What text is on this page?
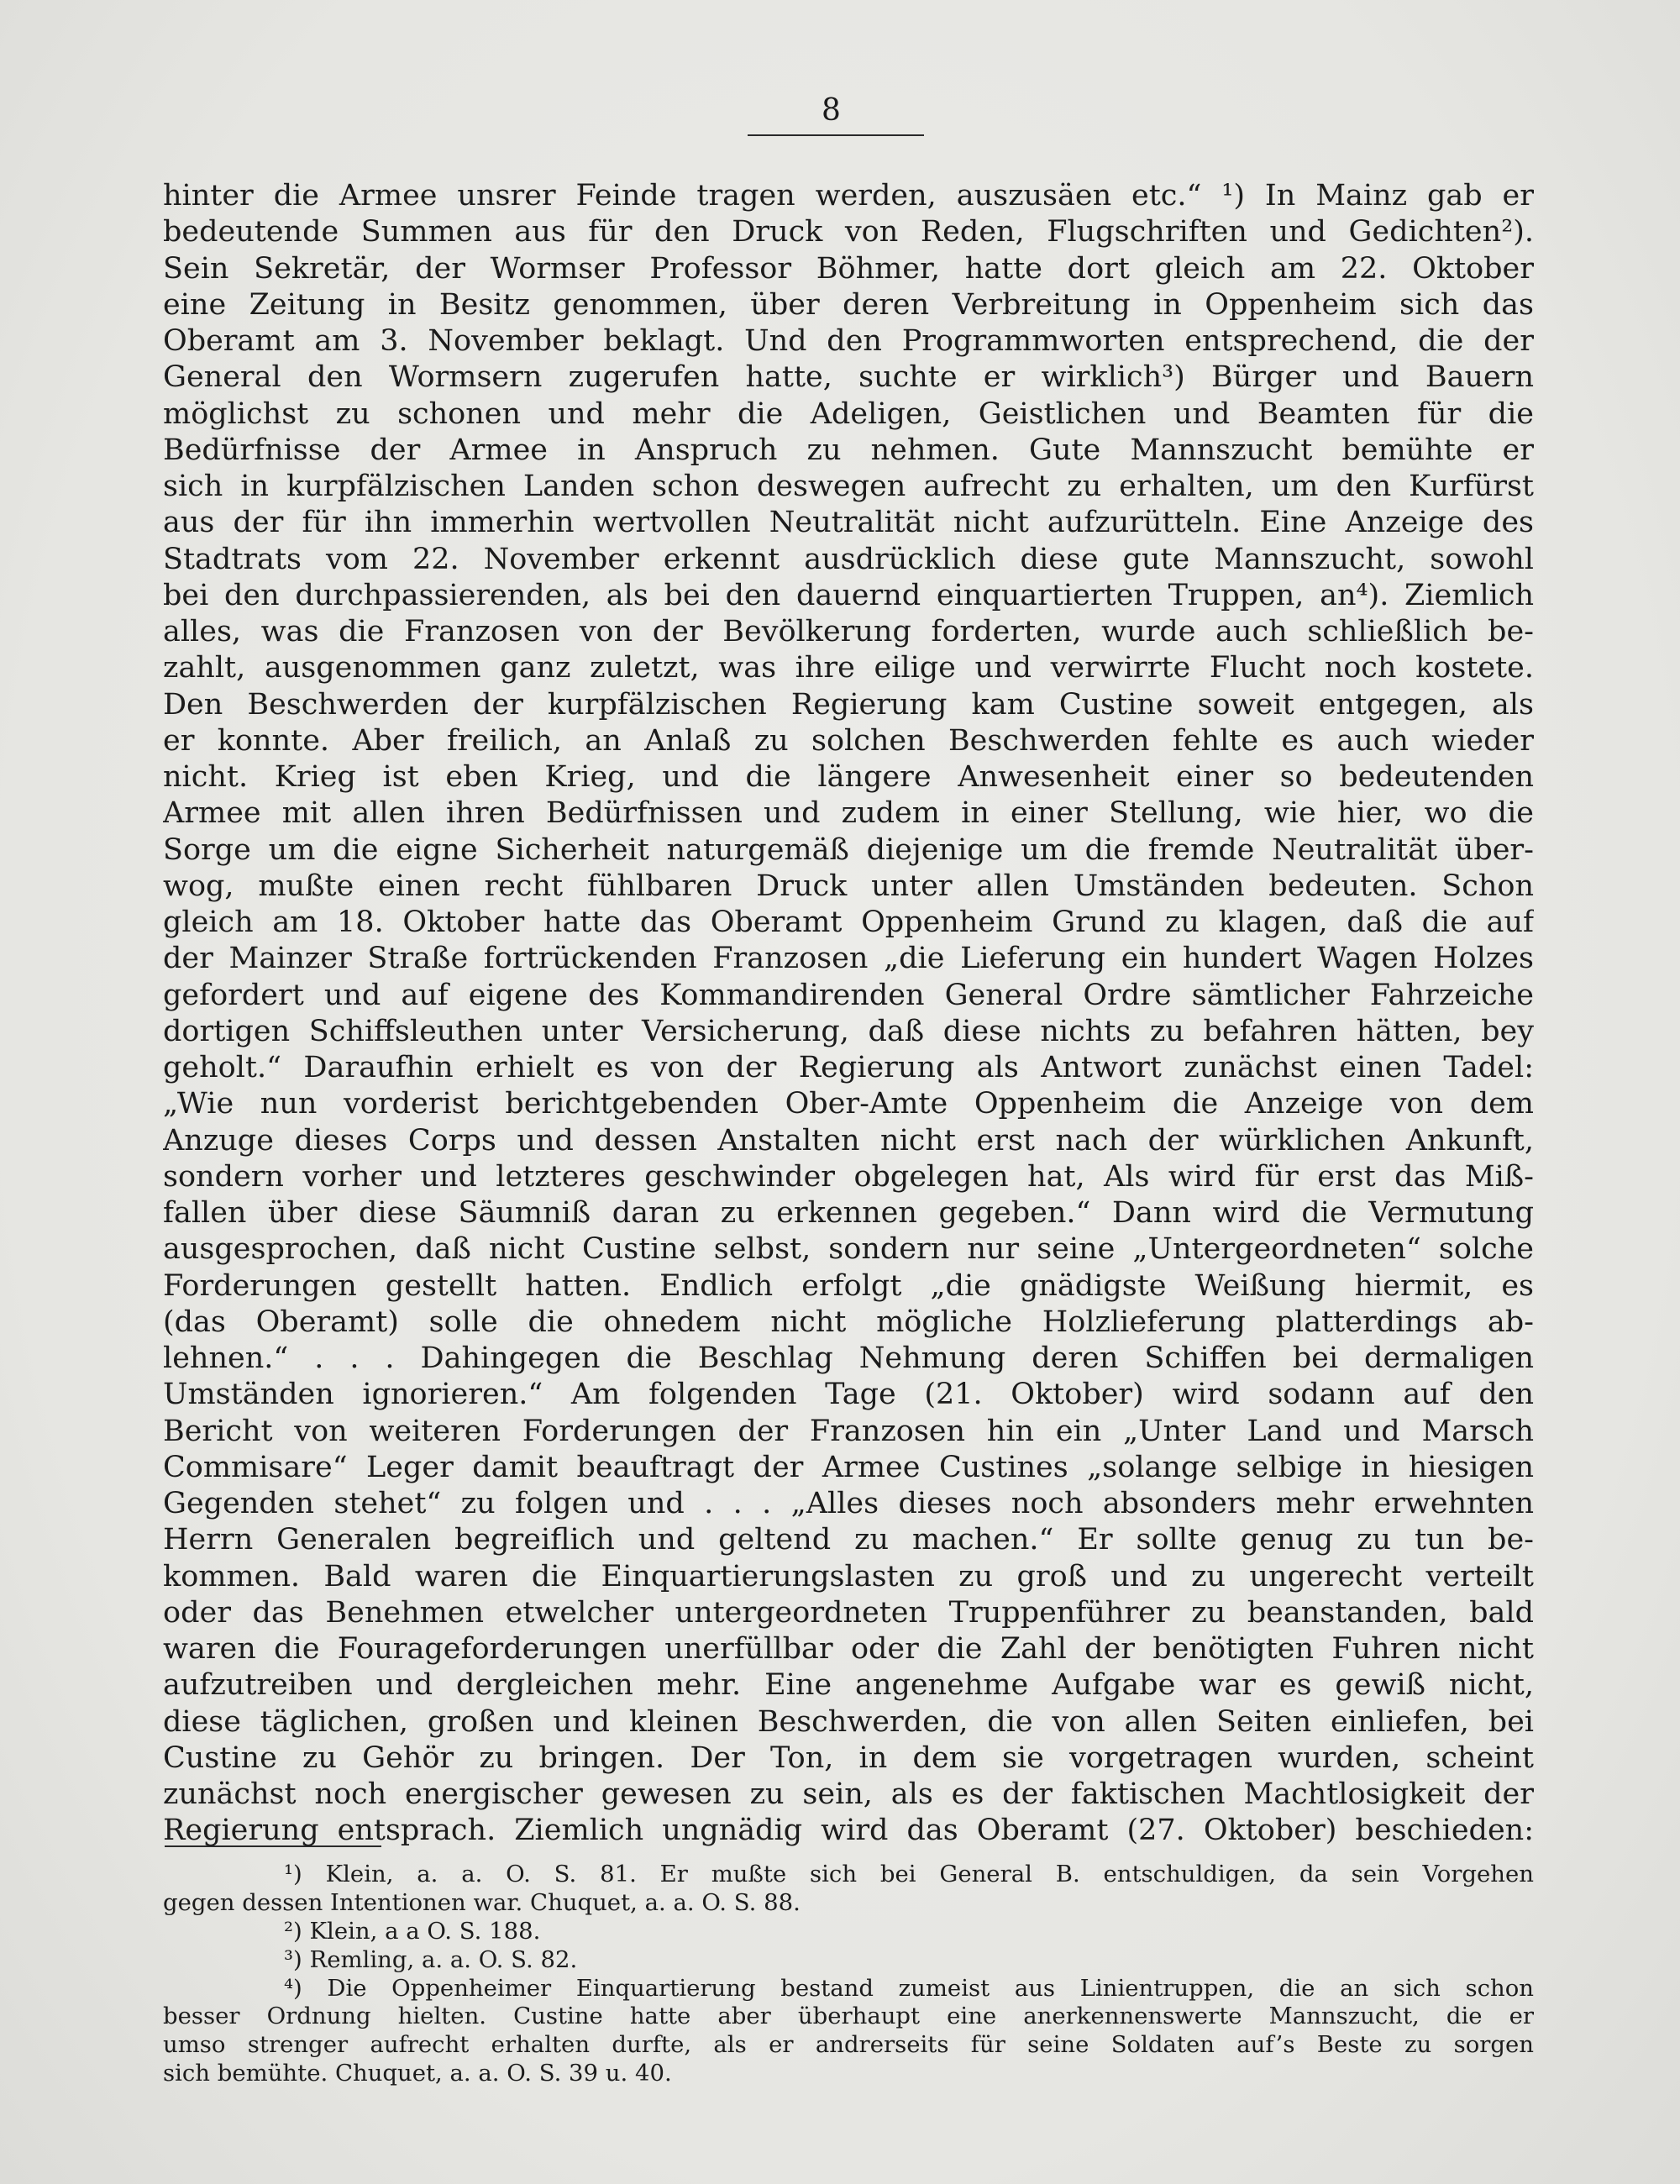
8
hinter die Armee unsrer Feinde tragen werden, auszusäen etc.“ ¹) In Mainz gab er
bedeutende Summen aus für den Druck von Reden, Flugschriften und Gedichten²).
Sein Sekretär, der Wormser Professor Böhmer, hatte dort gleich am 22. Oktober
eine Zeitung in Besitz genommen, über deren Verbreitung in Oppenheim sich das
Oberamt am 3. November beklagt. Und den Programmworten entsprechend, die der
General den Wormsern zugerufen hatte, suchte er wirklich³) Bürger und Bauern
möglichst zu schonen und mehr die Adeligen, Geistlichen und Beamten für die
Bedürfnisse der Armee in Anspruch zu nehmen. Gute Mannszucht bemühte er
sich in kurpfälzischen Landen schon deswegen aufrecht zu erhalten, um den Kurfürst
aus der für ihn immerhin wertvollen Neutralität nicht aufzurütteln. Eine Anzeige des
Stadtrats vom 22. November erkennt ausdrücklich diese gute Mannszucht, sowohl
bei den durchpassierenden, als bei den dauernd einquartierten Truppen, an⁴). Ziemlich
alles, was die Franzosen von der Bevölkerung forderten, wurde auch schließlich be-
zahlt, ausgenommen ganz zuletzt, was ihre eilige und verwirrte Flucht noch kostete.
Den Beschwerden der kurpfälzischen Regierung kam Custine soweit entgegen, als
er konnte. Aber freilich, an Anlaß zu solchen Beschwerden fehlte es auch wieder
nicht. Krieg ist eben Krieg, und die längere Anwesenheit einer so bedeutenden
Armee mit allen ihren Bedürfnissen und zudem in einer Stellung, wie hier, wo die
Sorge um die eigne Sicherheit naturgemäß diejenige um die fremde Neutralität über-
wog, mußte einen recht fühlbaren Druck unter allen Umständen bedeuten. Schon
gleich am 18. Oktober hatte das Oberamt Oppenheim Grund zu klagen, daß die auf
der Mainzer Straße fortrückenden Franzosen „die Lieferung ein hundert Wagen Holzes
gefordert und auf eigene des Kommandirenden General Ordre sämtlicher Fahrzeiche
dortigen Schiffsleuthen unter Versicherung, daß diese nichts zu befahren hätten, bey
geholt.“ Daraufhin erhielt es von der Regierung als Antwort zunächst einen Tadel:
„Wie nun vorderist berichtgebenden Ober-Amte Oppenheim die Anzeige von dem
Anzuge dieses Corps und dessen Anstalten nicht erst nach der würklichen Ankunft,
sondern vorher und letzteres geschwinder obgelegen hat, Als wird für erst das Miß-
fallen über diese Säumniß daran zu erkennen gegeben.“ Dann wird die Vermutung
ausgesprochen, daß nicht Custine selbst, sondern nur seine „Untergeordneten“ solche
Forderungen gestellt hatten. Endlich erfolgt „die gnädigste Weißung hiermit, es
(das Oberamt) solle die ohnedem nicht mögliche Holzlieferung platterdings ab-
lehnen.“ . . . Dahingegen die Beschlag Nehmung deren Schiffen bei dermaligen
Umständen ignorieren.“ Am folgenden Tage (21. Oktober) wird sodann auf den
Bericht von weiteren Forderungen der Franzosen hin ein „Unter Land und Marsch
Commisare“ Leger damit beauftragt der Armee Custines „solange selbige in hiesigen
Gegenden stehet“ zu folgen und . . . „Alles dieses noch absonders mehr erwehnten
Herrn Generalen begreiflich und geltend zu machen.“ Er sollte genug zu tun be-
kommen. Bald waren die Einquartierungslasten zu groß und zu ungerecht verteilt
oder das Benehmen etwelcher untergeordneten Truppenführer zu beanstanden, bald
waren die Fourageforderungen unerfüllbar oder die Zahl der benötigten Fuhren nicht
aufzutreiben und dergleichen mehr. Eine angenehme Aufgabe war es gewiß nicht,
diese täglichen, großen und kleinen Beschwerden, die von allen Seiten einliefen, bei
Custine zu Gehör zu bringen. Der Ton, in dem sie vorgetragen wurden, scheint
zunächst noch energischer gewesen zu sein, als es der faktischen Machtlosigkeit der
Regierung entsprach. Ziemlich ungnädig wird das Oberamt (27. Oktober) beschieden:
¹) Klein, a. a. O. S. 81. Er mußte sich bei General B. entschuldigen, da sein Vorgehen
gegen dessen Intentionen war. Chuquet, a. a. O. S. 88.
²) Klein, a a O. S. 188.
³) Remling, a. a. O. S. 82.
⁴) Die Oppenheimer Einquartierung bestand zumeist aus Linientruppen, die an sich schon
besser Ordnung hielten. Custine hatte aber überhaupt eine anerkennenswerte Mannszucht, die er
umso strenger aufrecht erhalten durfte, als er andrerseits für seine Soldaten auf’s Beste zu sorgen
sich bemühte. Chuquet, a. a. O. S. 39 u. 40.
